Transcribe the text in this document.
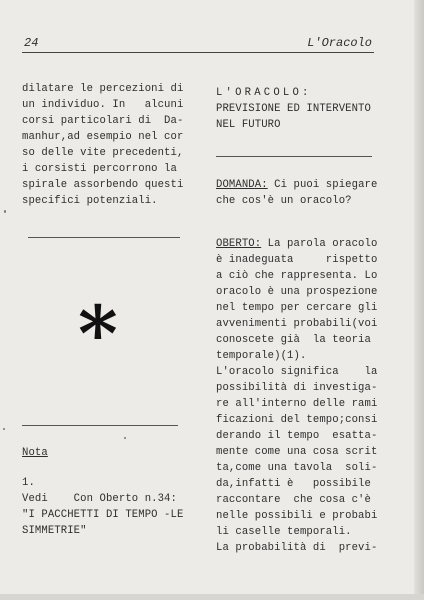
24	L'Oracolo
dilatare le percezioni di
un individuo. In   alcuni
corsi particolari di  Da-
manhur,ad esempio nel cor
so delle vite precedenti,
i corsisti percorrono la
spirale assorbendo questi
specifici potenziali.
*
Nota
1.
Vedi    Con Oberto n.34:
"I PACCHETTI DI TEMPO -LE
SIMMETRIE"
L'ORACOLO:
PREVISIONE ED INTERVENTO
NEL FUTURO
DOMANDA: Ci puoi spiegare
che cos'è un oracolo?
OBERTO: La parola oracolo
è inadeguata     rispetto
a ciò che rappresenta. Lo
oracolo è una prospezione
nel tempo per cercare gli
avvenimenti probabili(voi
conoscete già  la teoria
temporale)(1).
L'oracolo significa    la
possibilità di investiga-
re all'interno delle rami
ficazioni del tempo;consi
derando il tempo  esatta-
mente come una cosa scrit
ta,come una tavola  soli-
da,infatti è   possibile
raccontare  che cosa c'è
nelle possibili e probabi
li caselle temporali.
La probabilità di  previ-
